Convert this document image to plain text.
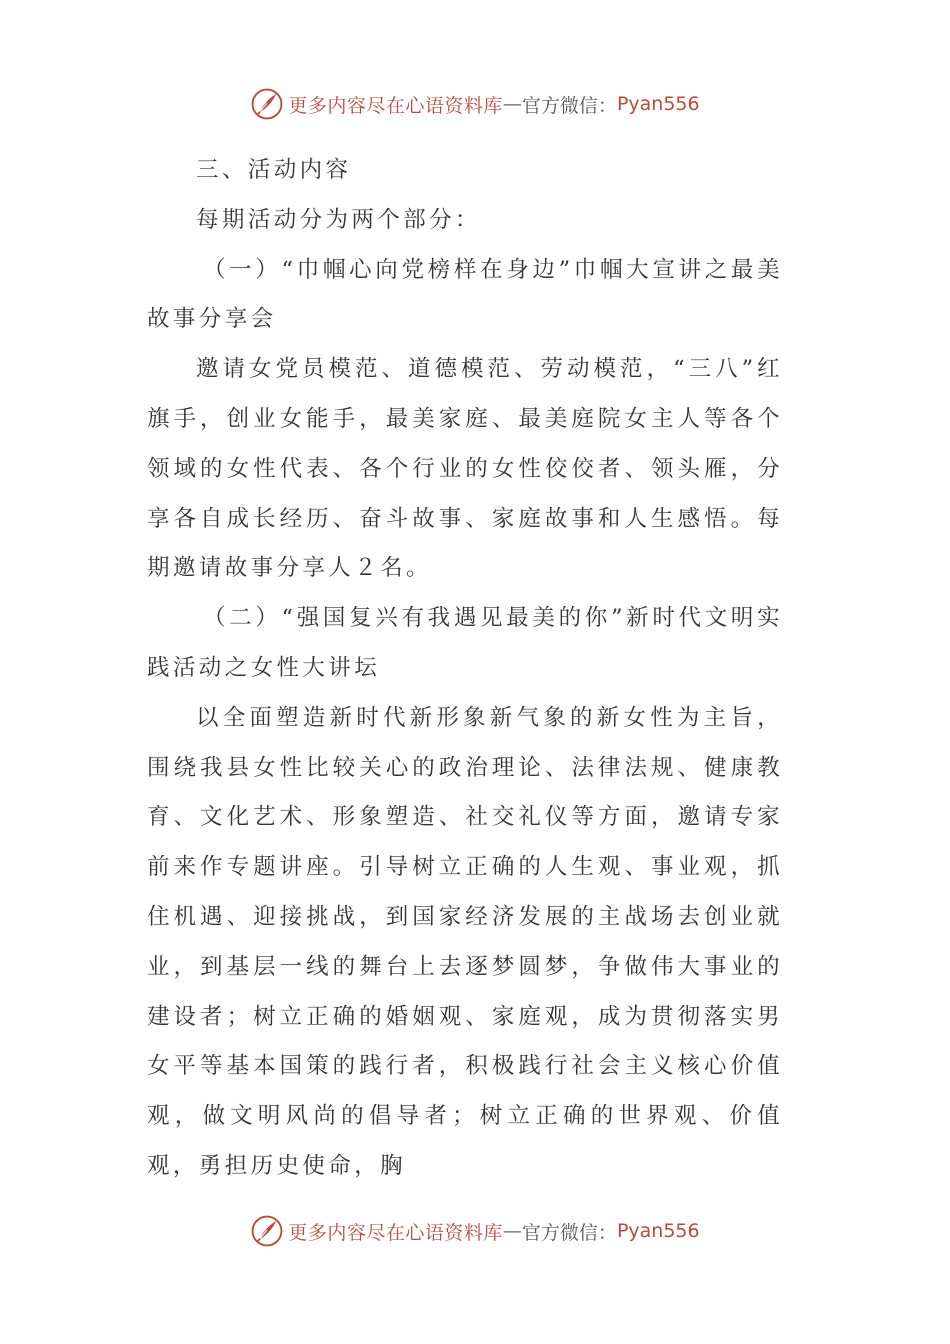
更多内容尽在心语资料库 — 官方微信： Pyan556

三、活动内容

每期活动分为两个部分：

（一）“巾帼心向党榜样在身边”巾帼大宣讲之最美故事分享会

邀请女党员模范、道德模范、劳动模范，“三八”红旗手，创业女能手，最美家庭、最美庭院女主人等各个领域的女性代表、各个行业的女性佼佼者、领头雁，分享各自成长经历、奋斗故事、家庭故事和人生感悟。每期邀请故事分享人２名。

（二）“强国复兴有我遇见最美的你”新时代文明实践活动之女性大讲坛

以全面塑造新时代新形象新气象的新女性为主旨，围绕我县女性比较关心的政治理论、法律法规、健康教育、文化艺术、形象塑造、社交礼仪等方面，邀请专家前来作专题讲座。引导树立正确的人生观、事业观，抓住机遇、迎接挑战，到国家经济发展的主战场去创业就业，到基层一线的舞台上去逐梦圆梦，争做伟大事业的建设者；树立正确的婚姻观、家庭观，成为贯彻落实男女平等基本国策的践行者，积极践行社会主义核心价值观，做文明风尚的倡导者；树立正确的世界观、价值观，勇担历史使命，胸

更多内容尽在心语资料库 — 官方微信： Pyan556
